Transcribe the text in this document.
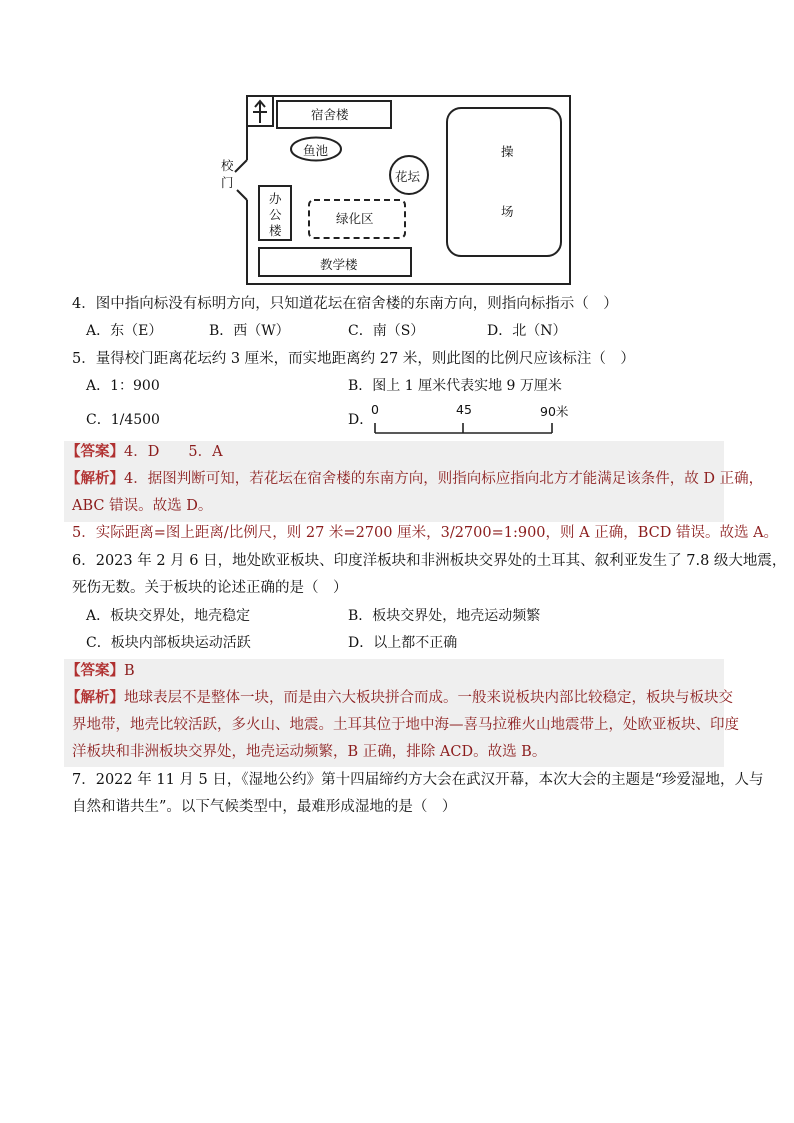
宿舍楼
鱼池
花坛
操
场
办
公
楼
绿化区
教学楼
校
门
4．图中指向标没有标明方向，只知道花坛在宿舍楼的东南方向，则指向标指示（　）
A．东（E）	B．西（W）	C．南（S）	D．北（N）
5．量得校门距离花坛约 3 厘米，而实地距离约 27 米，则此图的比例尺应该标注（　）
A．1：900	B．图上 1 厘米代表实地 9 万厘米
C．1/4500	D．
0	45	90米
【答案】4．D　　5．A
【解析】4．据图判断可知，若花坛在宿舍楼的东南方向，则指向标应指向北方才能满足该条件，故 D 正确，
ABC 错误。故选 D。
5．实际距离=图上距离/比例尺，则 27 米=2700 厘米，3/2700=1:900，则 A 正确，BCD 错误。故选 A。
6．2023 年 2 月 6 日，地处欧亚板块、印度洋板块和非洲板块交界处的土耳其、叙利亚发生了 7.8 级大地震，
死伤无数。关于板块的论述正确的是（　）
A．板块交界处，地壳稳定	B．板块交界处，地壳运动频繁
C．板块内部板块运动活跃	D．以上都不正确
【答案】B
【解析】地球表层不是整体一块，而是由六大板块拼合而成。一般来说板块内部比较稳定，板块与板块交
界地带，地壳比较活跃，多火山、地震。土耳其位于地中海—喜马拉雅火山地震带上，处欧亚板块、印度
洋板块和非洲板块交界处，地壳运动频繁，B 正确，排除 ACD。故选 B。
7．2022 年 11 月 5 日，《湿地公约》第十四届缔约方大会在武汉开幕，本次大会的主题是“珍爱湿地，人与
自然和谐共生”。以下气候类型中，最难形成湿地的是（　）
